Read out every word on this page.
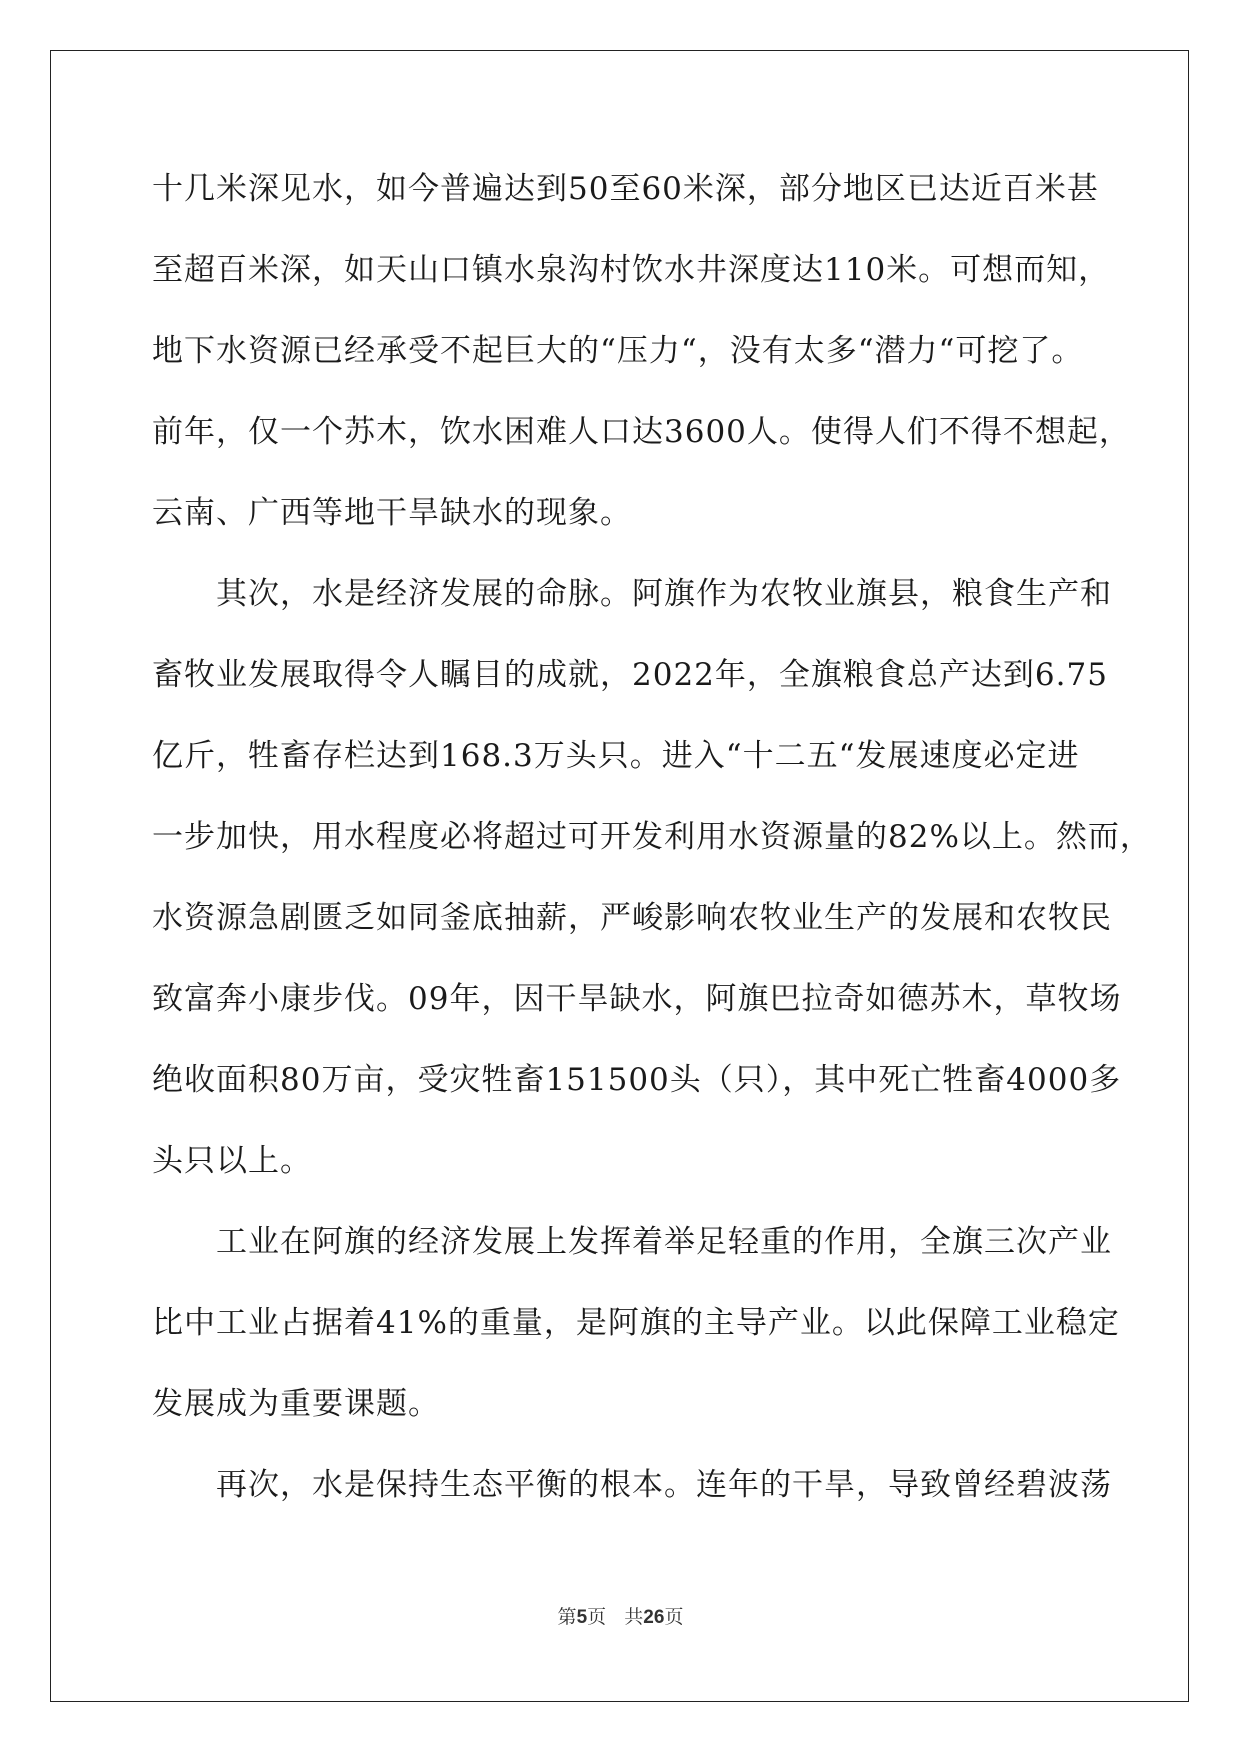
十几米深见水，如今普遍达到50至60米深，部分地区已达近百米甚
至超百米深，如天山口镇水泉沟村饮水井深度达110米。可想而知，
地下水资源已经承受不起巨大的“压力“，没有太多“潜力“可挖了。
前年，仅一个苏木，饮水困难人口达3600人。使得人们不得不想起，
云南、广西等地干旱缺水的现象。
　　其次，水是经济发展的命脉。阿旗作为农牧业旗县，粮食生产和
畜牧业发展取得令人瞩目的成就，2022年，全旗粮食总产达到6.75
亿斤，牲畜存栏达到168.3万头只。进入“十二五“发展速度必定进
一步加快，用水程度必将超过可开发利用水资源量的82%以上。然而，
水资源急剧匮乏如同釜底抽薪，严峻影响农牧业生产的发展和农牧民
致富奔小康步伐。09年，因干旱缺水，阿旗巴拉奇如德苏木，草牧场
绝收面积80万亩，受灾牲畜151500头（只），其中死亡牲畜4000多
头只以上。
　　工业在阿旗的经济发展上发挥着举足轻重的作用，全旗三次产业
比中工业占据着41%的重量，是阿旗的主导产业。以此保障工业稳定
发展成为重要课题。
　　再次，水是保持生态平衡的根本。连年的干旱，导致曾经碧波荡
第5页 共26页
